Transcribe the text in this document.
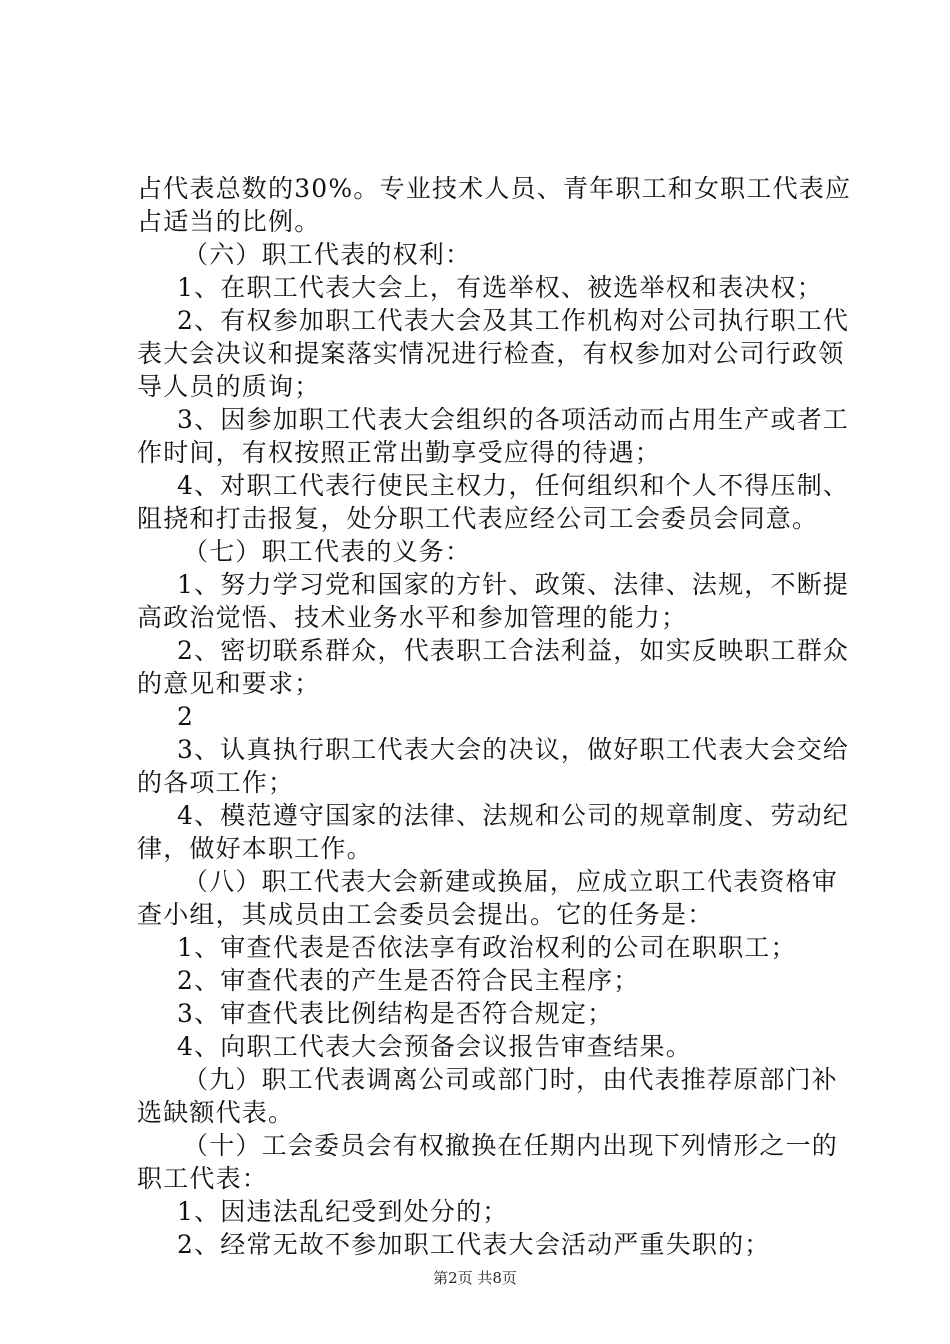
占代表总数的30%。专业技术人员、青年职工和女职工代表应
占适当的比例。
（六）职工代表的权利：
1、在职工代表大会上，有选举权、被选举权和表决权；
2、有权参加职工代表大会及其工作机构对公司执行职工代
表大会决议和提案落实情况进行检查，有权参加对公司行政领
导人员的质询；
3、因参加职工代表大会组织的各项活动而占用生产或者工
作时间，有权按照正常出勤享受应得的待遇；
4、对职工代表行使民主权力，任何组织和个人不得压制、
阻挠和打击报复，处分职工代表应经公司工会委员会同意。
（七）职工代表的义务：
1、努力学习党和国家的方针、政策、法律、法规，不断提
高政治觉悟、技术业务水平和参加管理的能力；
2、密切联系群众，代表职工合法利益，如实反映职工群众
的意见和要求；
2
3、认真执行职工代表大会的决议，做好职工代表大会交给
的各项工作；
4、模范遵守国家的法律、法规和公司的规章制度、劳动纪
律，做好本职工作。
（八）职工代表大会新建或换届，应成立职工代表资格审
查小组，其成员由工会委员会提出。它的任务是：
1、审查代表是否依法享有政治权利的公司在职职工；
2、审查代表的产生是否符合民主程序；
3、审查代表比例结构是否符合规定；
4、向职工代表大会预备会议报告审查结果。
（九）职工代表调离公司或部门时，由代表推荐原部门补
选缺额代表。
（十）工会委员会有权撤换在任期内出现下列情形之一的
职工代表：
1、因违法乱纪受到处分的；
2、经常无故不参加职工代表大会活动严重失职的；
第2页 共8页
